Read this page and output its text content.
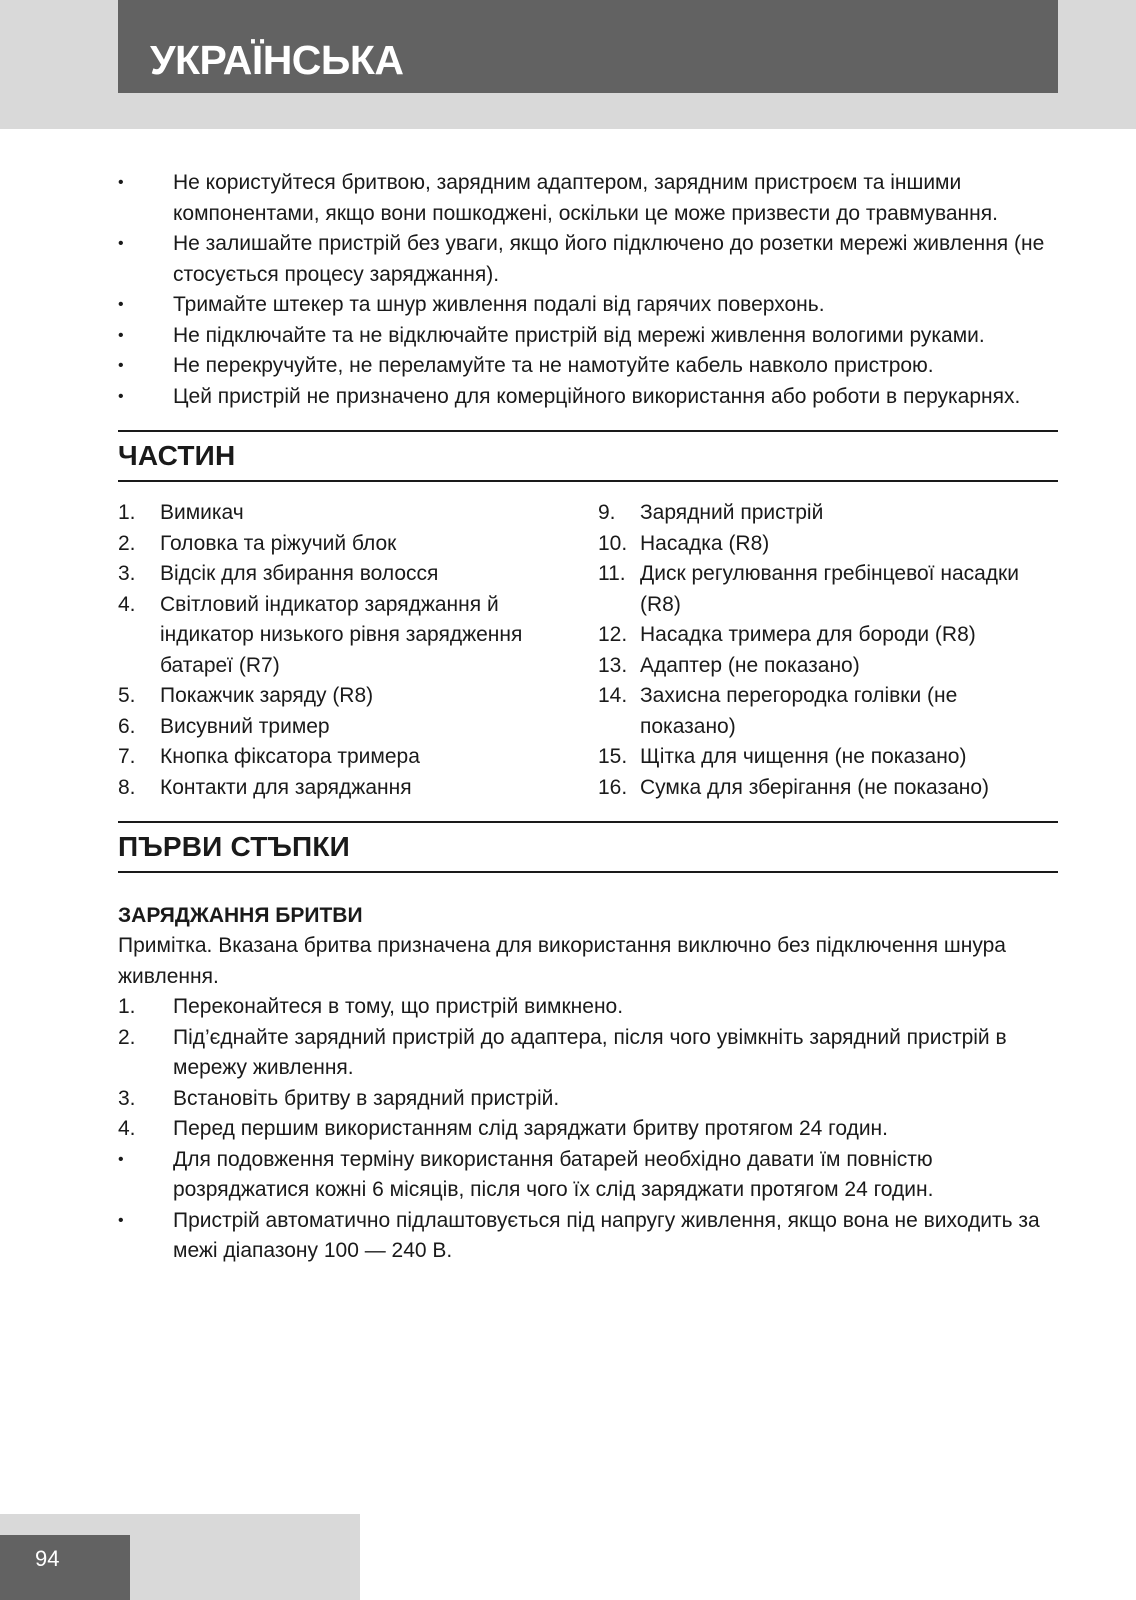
УКРАЇНСЬКА
• Не користуйтеся бритвою, зарядним адаптером, зарядним пристроєм та іншими компонентами, якщо вони пошкоджені, оскільки це може призвести до травмування.
• Не залишайте пристрій без уваги, якщо його підключено до розетки мережі живлення (не стосується процесу заряджання).
• Тримайте штекер та шнур живлення подалі від гарячих поверхонь.
• Не підключайте та не відключайте пристрій від мережі живлення вологими руками.
• Не перекручуйте, не переламуйте та не намотуйте кабель навколо пристрою.
• Цей пристрій не призначено для комерційного використання або роботи в перукарнях.
ЧАСТИН
1. Вимикач
2. Головка та ріжучий блок
3. Відсік для збирання волосся
4. Світловий індикатор заряджання й індикатор низького рівня зарядження батареї (R7)
5. Покажчик заряду (R8)
6. Висувний тример
7. Кнопка фіксатора тримера
8. Контакти для заряджання
9. Зарядний пристрій
10. Насадка (R8)
11. Диск регулювання гребінцевої насадки (R8)
12. Насадка тримера для бороди (R8)
13. Адаптер (не показано)
14. Захисна перегородка голівки (не показано)
15. Щітка для чищення (не показано)
16. Сумка для зберігання (не показано)
ПЪРВИ СТЪПКИ
ЗАРЯДЖАННЯ БРИТВИ

Примітка. Вказана бритва призначена для використання виключно без підключення шнура живлення.

1. Переконайтеся в тому, що пристрій вимкнено.
2. Під’єднайте зарядний пристрій до адаптера, після чого увімкніть зарядний пристрій в мережу живлення.
3. Встановіть бритву в зарядний пристрій.
4. Перед першим використанням слід заряджати бритву протягом 24 годин.
• Для подовження терміну використання батарей необхідно давати їм повністю розряджатися кожні 6 місяців, після чого їх слід заряджати протягом 24 годин.
• Пристрій автоматично підлаштовується під напругу живлення, якщо вона не виходить за межі діапазону 100 — 240 В.

94
